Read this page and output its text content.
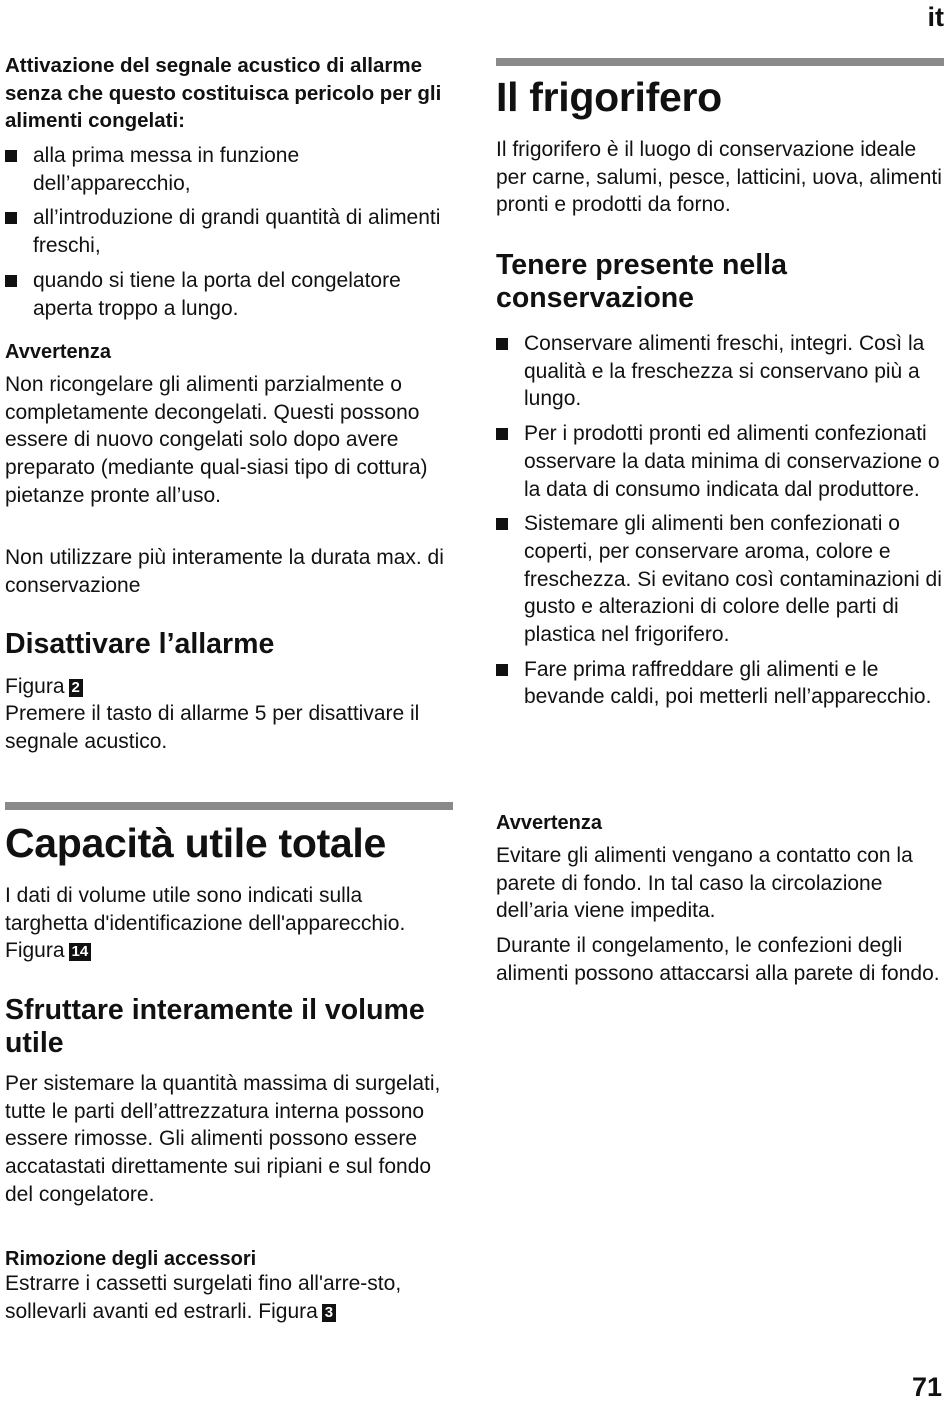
it

Attivazione del segnale acustico di allarme senza che questo costituisca pericolo per gli alimenti congelati:

alla prima messa in funzione dell’apparecchio,
all’introduzione di grandi quantità di alimenti freschi,
quando si tiene la porta del congelatore aperta troppo a lungo.

Avvertenza

Non ricongelare gli alimenti parzialmente o completamente decongelati. Questi possono essere di nuovo congelati solo dopo avere preparato (mediante qual-siasi tipo di cottura) pietanze pronte all’uso.

Non utilizzare più interamente la durata max. di conservazione

Disattivare l’allarme

Figura 2

Premere il tasto di allarme 5 per disattivare il segnale acustico.

Capacità utile totale

I dati di volume utile sono indicati sulla targhetta d'identificazione dell'apparecchio. Figura 14

Sfruttare interamente il volume utile

Per sistemare la quantità massima di surgelati, tutte le parti dell’attrezzatura interna possono essere rimosse. Gli alimenti possono essere accatastati direttamente sui ripiani e sul fondo del congelatore.

Rimozione degli accessori

Estrarre i cassetti surgelati fino all'arre-sto, sollevarli avanti ed estrarli. Figura 3

Il frigorifero

Il frigorifero è il luogo di conservazione ideale per carne, salumi, pesce, latticini, uova, alimenti pronti e prodotti da forno.

Tenere presente nella conservazione

Conservare alimenti freschi, integri. Così la qualità e la freschezza si conservano più a lungo.
Per i prodotti pronti ed alimenti confezionati osservare la data minima di conservazione o la data di consumo indicata dal produttore.
Sistemare gli alimenti ben confezionati o coperti, per conservare aroma, colore e freschezza. Si evitano così contaminazioni di gusto e alterazioni di colore delle parti di plastica nel frigorifero.
Fare prima raffreddare gli alimenti e le bevande caldi, poi metterli nell’apparecchio.

Avvertenza

Evitare gli alimenti vengano a contatto con la parete di fondo. In tal caso la circolazione dell’aria viene impedita.

Durante il congelamento, le confezioni degli alimenti possono attaccarsi alla parete di fondo.

71
